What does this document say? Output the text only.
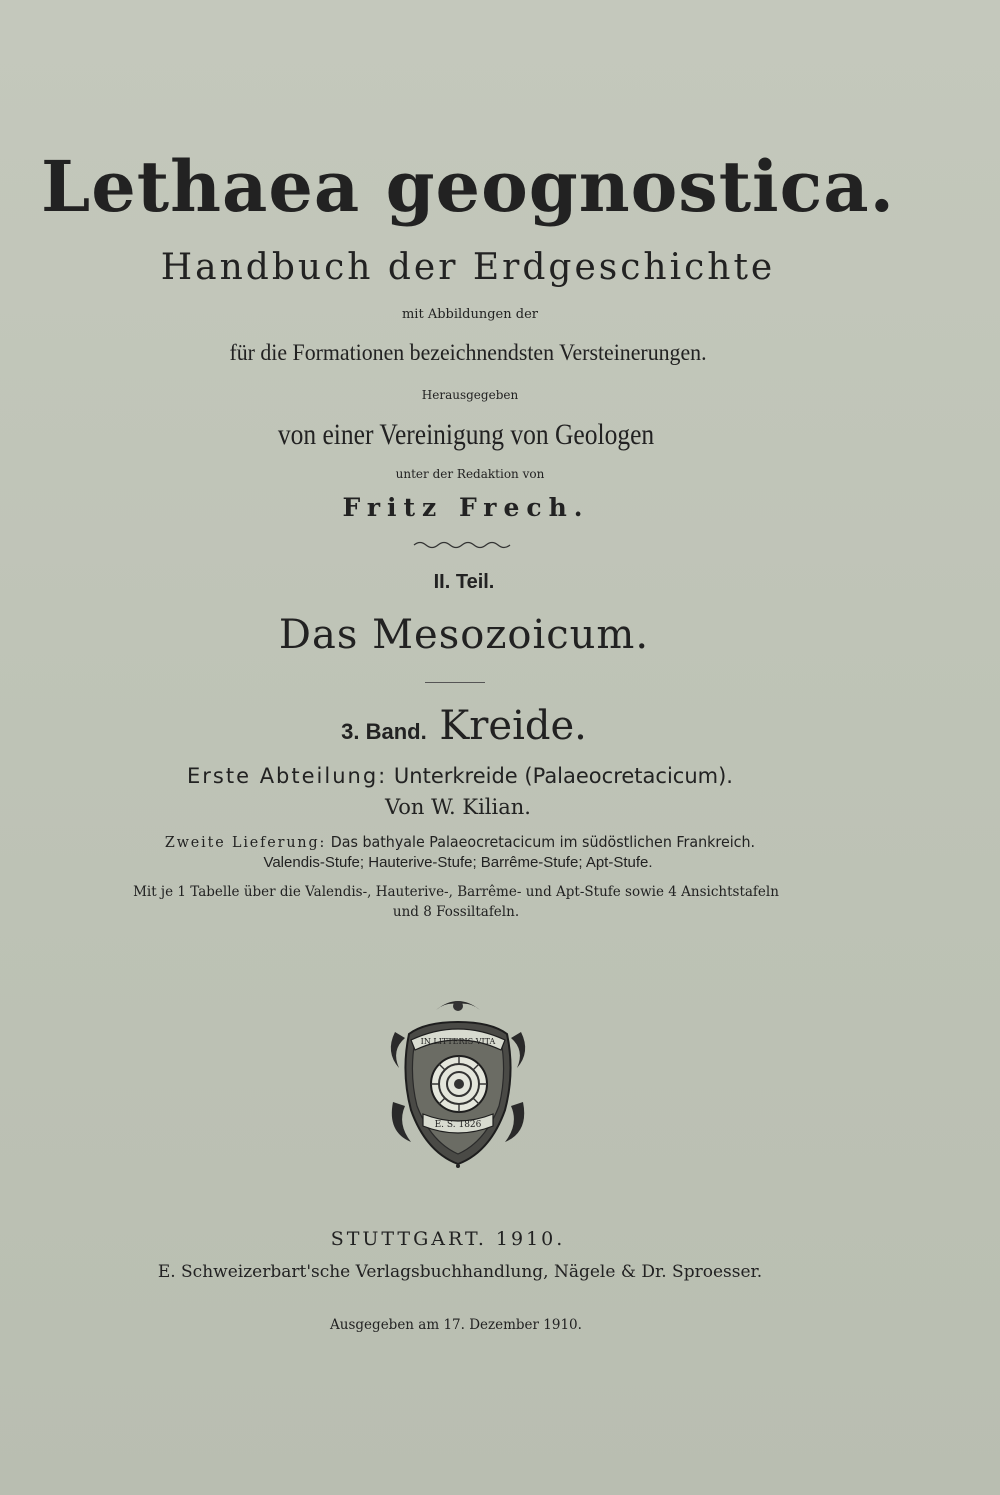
Lethaea geognostica.
Handbuch der Erdgeschichte
mit Abbildungen der
für die Formationen bezeichnendsten Versteinerungen.
Herausgegeben
von einer Vereinigung von Geologen
unter der Redaktion von
Fritz Frech.
II. Teil.
Das Mesozoicum.
3. Band. Kreide.
Erste Abteilung: Unterkreide (Palaeocretacicum).
Von W. Kilian.
Zweite Lieferung: Das bathyale Palaeocretacicum im südöstlichen Frankreich.
Valendis-Stufe; Hauterive-Stufe; Barrême-Stufe; Apt-Stufe.
Mit je 1 Tabelle über die Valendis-, Hauterive-, Barrême- und Apt-Stufe sowie 4 Ansichtstafeln
und 8 Fossiltafeln.
IN LITTERIS VITA
E. S. 1826
STUTTGART. 1910.
E. Schweizerbart'sche Verlagsbuchhandlung, Nägele & Dr. Sproesser.
Ausgegeben am 17. Dezember 1910.
